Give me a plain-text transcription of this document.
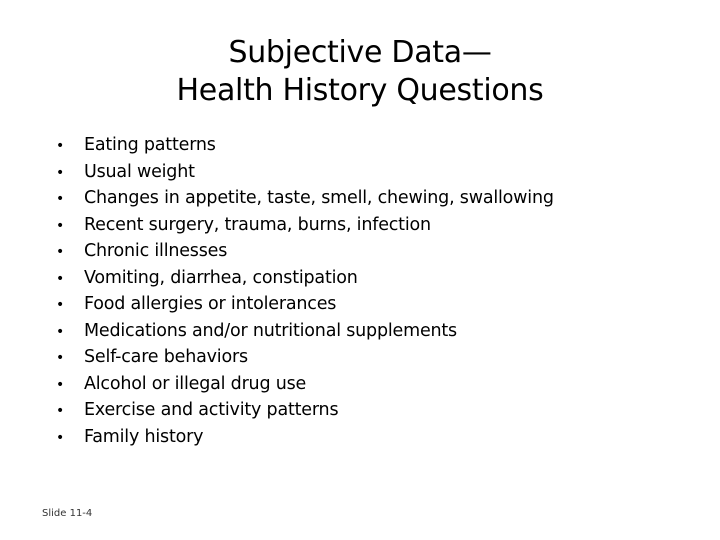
Subjective Data—
Health History Questions
•	Eating patterns
•	Usual weight
•	Changes in appetite, taste, smell, chewing, swallowing
•	Recent surgery, trauma, burns, infection
•	Chronic illnesses
•	Vomiting, diarrhea, constipation
•	Food allergies or intolerances
•	Medications and/or nutritional supplements
•	Self-care behaviors
•	Alcohol or illegal drug use
•	Exercise and activity patterns
•	Family history
Slide 11-4
